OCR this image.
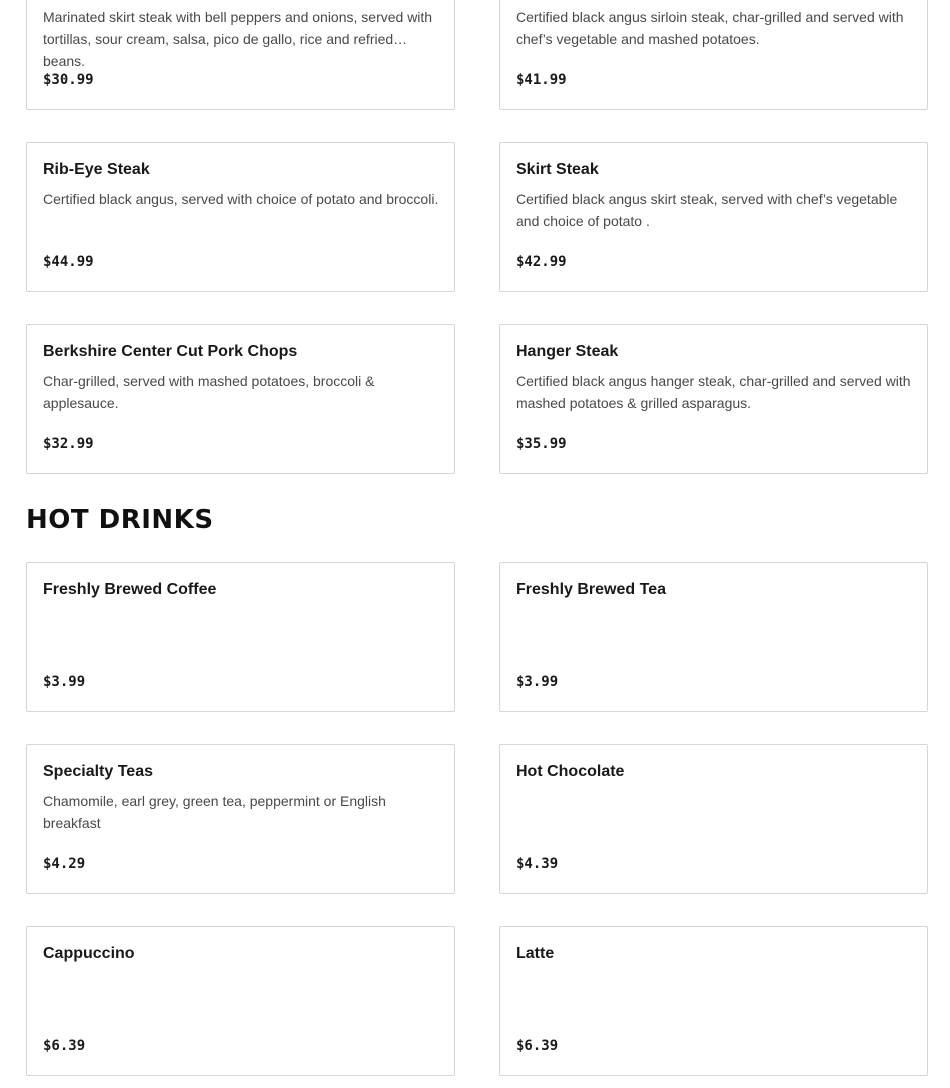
Marinated skirt steak with bell peppers and onions, served with tortillas, sour cream, salsa, pico de gallo, rice and refried beans.

$30.99

Certified black angus sirloin steak, char-grilled and served with chef’s vegetable and mashed potatoes.

$41.99
Rib-Eye Steak

Certified black angus, served with choice of potato and broccoli.

$44.99
Skirt Steak

Certified black angus skirt steak, served with chef’s vegetable and choice of potato .

$42.99
Berkshire Center Cut Pork Chops

Char-grilled, served with mashed potatoes, broccoli & applesauce.

$32.99
Hanger Steak

Certified black angus hanger steak, char-grilled and served with mashed potatoes & grilled asparagus.

$35.99
HOT DRINKS
Freshly Brewed Coffee

$3.99
Freshly Brewed Tea

$3.99
Specialty Teas

Chamomile, earl grey, green tea, peppermint or English breakfast

$4.29
Hot Chocolate

$4.39
Cappuccino

$6.39
Latte

$6.39
